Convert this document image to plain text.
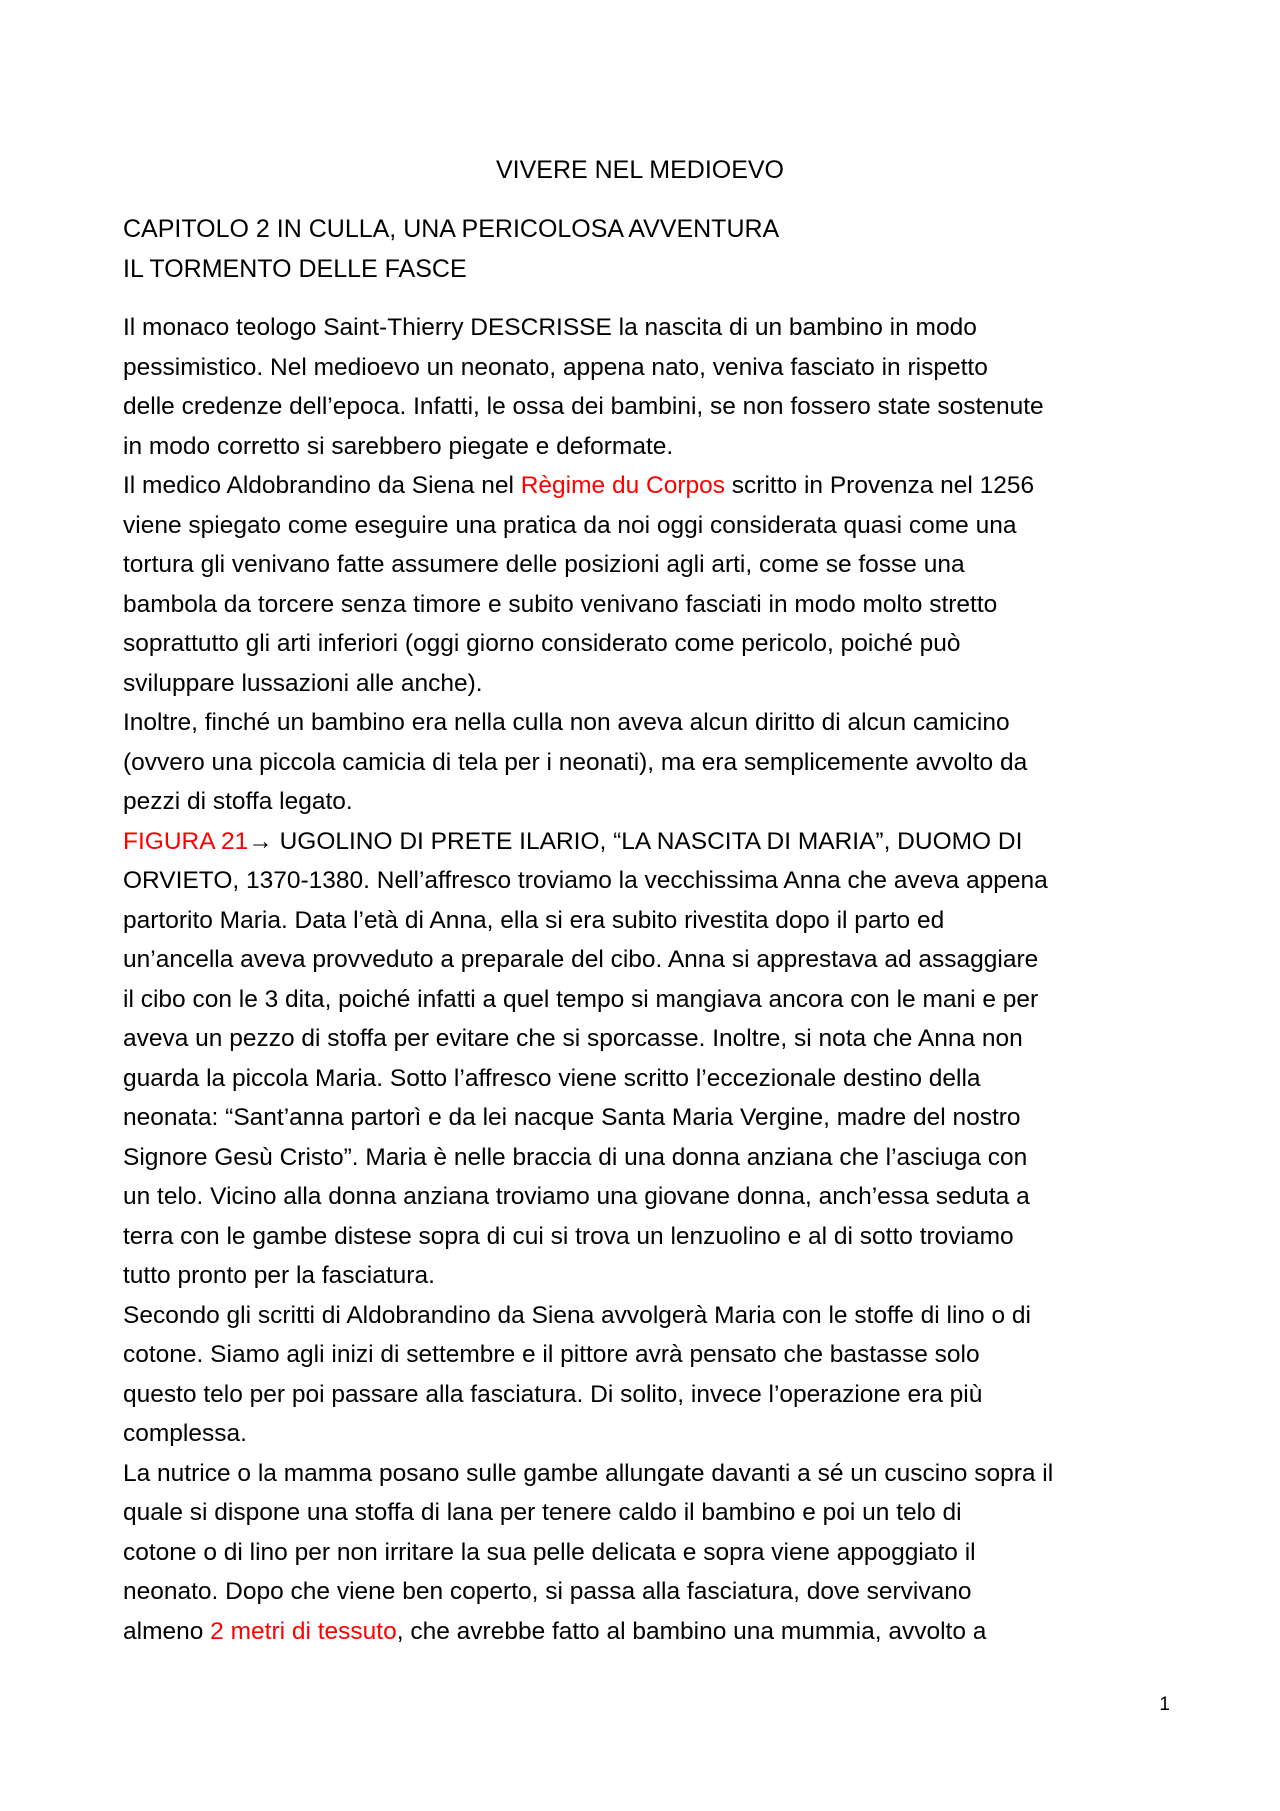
VIVERE NEL MEDIOEVO
CAPITOLO 2 IN CULLA, UNA PERICOLOSA AVVENTURA
IL TORMENTO DELLE FASCE
Il monaco teologo Saint-Thierry DESCRISSE la nascita di un bambino in modo
pessimistico. Nel medioevo un neonato, appena nato, veniva fasciato in rispetto
delle credenze dell’epoca. Infatti, le ossa dei bambini, se non fossero state sostenute
in modo corretto si sarebbero piegate e deformate.
Il medico Aldobrandino da Siena nel Règime du Corpos scritto in Provenza nel 1256
viene spiegato come eseguire una pratica da noi oggi considerata quasi come una
tortura gli venivano fatte assumere delle posizioni agli arti, come se fosse una
bambola da torcere senza timore e subito venivano fasciati in modo molto stretto
soprattutto gli arti inferiori (oggi giorno considerato come pericolo, poiché può
sviluppare lussazioni alle anche).
Inoltre, finché un bambino era nella culla non aveva alcun diritto di alcun camicino
(ovvero una piccola camicia di tela per i neonati), ma era semplicemente avvolto da
pezzi di stoffa legato.
FIGURA 21→ UGOLINO DI PRETE ILARIO, “LA NASCITA DI MARIA”, DUOMO DI
ORVIETO, 1370-1380. Nell’affresco troviamo la vecchissima Anna che aveva appena
partorito Maria. Data l’età di Anna, ella si era subito rivestita dopo il parto ed
un’ancella aveva provveduto a preparale del cibo. Anna si apprestava ad assaggiare
il cibo con le 3 dita, poiché infatti a quel tempo si mangiava ancora con le mani e per
aveva un pezzo di stoffa per evitare che si sporcasse. Inoltre, si nota che Anna non
guarda la piccola Maria. Sotto l’affresco viene scritto l’eccezionale destino della
neonata: “Sant’anna partorì e da lei nacque Santa Maria Vergine, madre del nostro
Signore Gesù Cristo”. Maria è nelle braccia di una donna anziana che l’asciuga con
un telo. Vicino alla donna anziana troviamo una giovane donna, anch’essa seduta a
terra con le gambe distese sopra di cui si trova un lenzuolino e al di sotto troviamo
tutto pronto per la fasciatura.
Secondo gli scritti di Aldobrandino da Siena avvolgerà Maria con le stoffe di lino o di
cotone. Siamo agli inizi di settembre e il pittore avrà pensato che bastasse solo
questo telo per poi passare alla fasciatura. Di solito, invece l’operazione era più
complessa.
La nutrice o la mamma posano sulle gambe allungate davanti a sé un cuscino sopra il
quale si dispone una stoffa di lana per tenere caldo il bambino e poi un telo di
cotone o di lino per non irritare la sua pelle delicata e sopra viene appoggiato il
neonato. Dopo che viene ben coperto, si passa alla fasciatura, dove servivano
almeno 2 metri di tessuto, che avrebbe fatto al bambino una mummia, avvolto a
1
